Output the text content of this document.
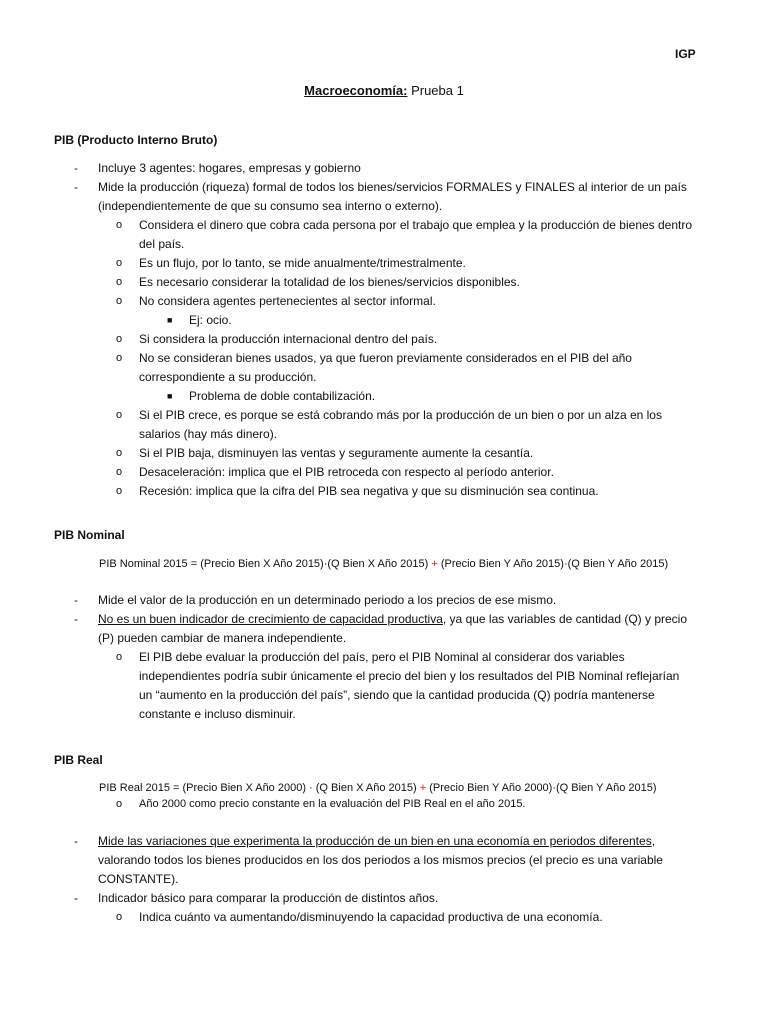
IGP
Macroeconomía: Prueba 1
PIB (Producto Interno Bruto)
- Incluye 3 agentes: hogares, empresas y gobierno
- Mide la producción (riqueza) formal de todos los bienes/servicios FORMALES y FINALES al interior de un país (independientemente de que su consumo sea interno o externo).
o Considera el dinero que cobra cada persona por el trabajo que emplea y la producción de bienes dentro del país.
o Es un flujo, por lo tanto, se mide anualmente/trimestralmente.
o Es necesario considerar la totalidad de los bienes/servicios disponibles.
o No considera agentes pertenecientes al sector informal.
■ Ej: ocio.
o Si considera la producción internacional dentro del país.
o No se consideran bienes usados, ya que fueron previamente considerados en el PIB del año correspondiente a su producción.
■ Problema de doble contabilización.
o Si el PIB crece, es porque se está cobrando más por la producción de un bien o por un alza en los salarios (hay más dinero).
o Si el PIB baja, disminuyen las ventas y seguramente aumente la cesantía.
o Desaceleración: implica que el PIB retroceda con respecto al período anterior.
o Recesión: implica que la cifra del PIB sea negativa y que su disminución sea continua.
PIB Nominal
PIB Nominal 2015 = (Precio Bien X Año 2015)·(Q Bien X Año 2015) + (Precio Bien Y Año 2015)·(Q Bien Y Año 2015)
- Mide el valor de la producción en un determinado periodo a los precios de ese mismo.
- No es un buen indicador de crecimiento de capacidad productiva, ya que las variables de cantidad (Q) y precio (P) pueden cambiar de manera independiente.
o El PIB debe evaluar la producción del país, pero el PIB Nominal al considerar dos variables independientes podría subir únicamente el precio del bien y los resultados del PIB Nominal reflejarían un “aumento en la producción del país”, siendo que la cantidad producida (Q) podría mantenerse constante e incluso disminuir.
PIB Real
PIB Real 2015 = (Precio Bien X Año 2000) · (Q Bien X Año 2015) + (Precio Bien Y Año 2000)·(Q Bien Y Año 2015)
o Año 2000 como precio constante en la evaluación del PIB Real en el año 2015.
- Mide las variaciones que experimenta la producción de un bien en una economía en periodos diferentes, valorando todos los bienes producidos en los dos periodos a los mismos precios (el precio es una variable CONSTANTE).
- Indicador básico para comparar la producción de distintos años.
o Indica cuánto va aumentando/disminuyendo la capacidad productiva de una economía.
